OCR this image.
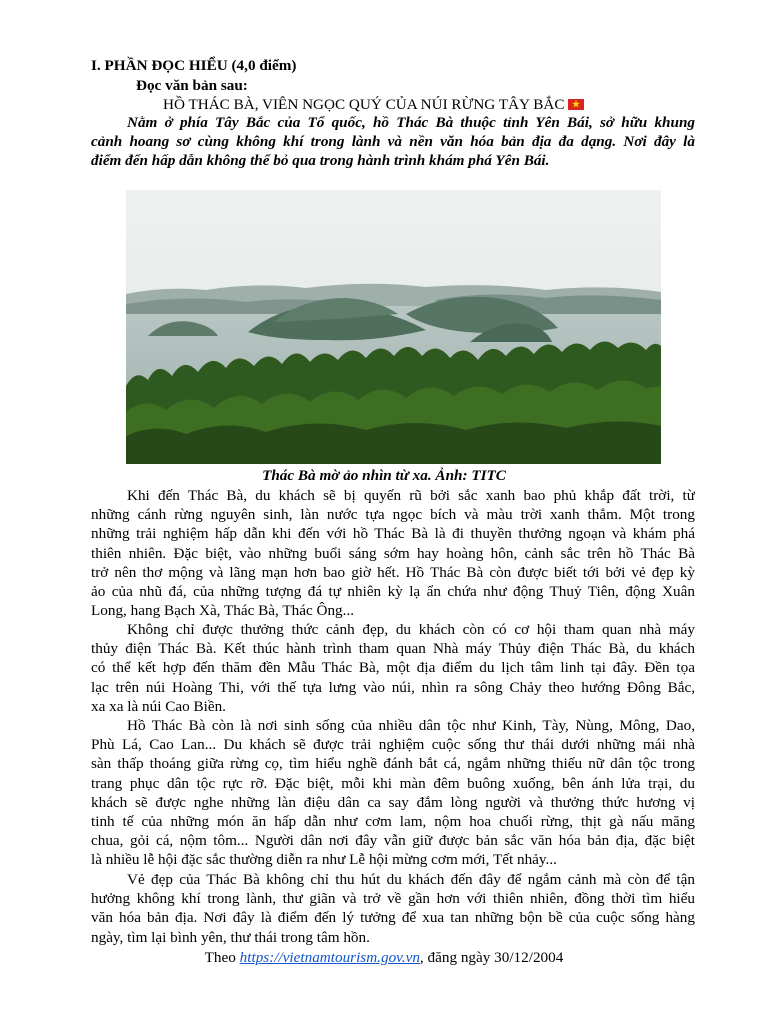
I. PHẦN ĐỌC HIỂU (4,0 điểm)
Đọc văn bản sau:
HỒ THÁC BÀ, VIÊN NGỌC QUÝ CỦA NÚI RỪNG TÂY BẮC
Nằm ở phía Tây Bắc của Tổ quốc, hồ Thác Bà thuộc tỉnh Yên Bái, sở hữu khung
cảnh hoang sơ cùng không khí trong lành và nền văn hóa bản địa đa dạng. Nơi đây là
điểm đến hấp dẫn không thể bỏ qua trong hành trình khám phá Yên Bái.
Thác Bà mờ ảo nhìn từ xa. Ảnh: TITC
Khi đến Thác Bà, du khách sẽ bị quyến rũ bởi sắc xanh bao phủ khắp đất trời, từ
những cánh rừng nguyên sinh, làn nước tựa ngọc bích và màu trời xanh thẳm. Một trong
những trải nghiệm hấp dẫn khi đến với hồ Thác Bà là đi thuyền thưởng ngoạn và khám phá
thiên nhiên. Đặc biệt, vào những buổi sáng sớm hay hoàng hôn, cảnh sắc trên hồ Thác Bà
trở nên thơ mộng và lãng mạn hơn bao giờ hết. Hồ Thác Bà còn được biết tới bởi vẻ đẹp kỳ
ảo của nhũ đá, của những tượng đá tự nhiên kỳ lạ ẩn chứa như động Thuỷ Tiên, động Xuân
Long, hang Bạch Xà, Thác Bà, Thác Ông...
Không chỉ được thưởng thức cảnh đẹp, du khách còn có cơ hội tham quan nhà máy
thủy điện Thác Bà. Kết thúc hành trình tham quan Nhà máy Thủy điện Thác Bà, du khách
có thể kết hợp đến thăm đền Mẫu Thác Bà, một địa điểm du lịch tâm linh tại đây. Đền tọa
lạc trên núi Hoàng Thi, với thế tựa lưng vào núi, nhìn ra sông Chảy theo hướng Đông Bắc,
xa xa là núi Cao Biền.
Hồ Thác Bà còn là nơi sinh sống của nhiều dân tộc như Kinh, Tày, Nùng, Mông, Dao,
Phù Lá, Cao Lan... Du khách sẽ được trải nghiệm cuộc sống thư thái dưới những mái nhà
sàn thấp thoáng giữa rừng cọ, tìm hiểu nghề đánh bắt cá, ngắm những thiếu nữ dân tộc trong
trang phục dân tộc rực rỡ. Đặc biệt, mỗi khi màn đêm buông xuống, bên ánh lửa trại, du
khách sẽ được nghe những làn điệu dân ca say đắm lòng người và thưởng thức hương vị
tinh tế của những món ăn hấp dẫn như cơm lam, nộm hoa chuối rừng, thịt gà nấu măng
chua, gỏi cá, nộm tôm... Người dân nơi đây vẫn giữ được bản sắc văn hóa bản địa, đặc biệt
là nhiều lễ hội đặc sắc thường diễn ra như Lễ hội mừng cơm mới, Tết nhảy...
Vẻ đẹp của Thác Bà không chỉ thu hút du khách đến đây để ngắm cảnh mà còn để tận
hưởng không khí trong lành, thư giãn và trở về gần hơn với thiên nhiên, đồng thời tìm hiểu
văn hóa bản địa. Nơi đây là điểm đến lý tưởng để xua tan những bộn bề của cuộc sống hàng
ngày, tìm lại bình yên, thư thái trong tâm hồn.
Theo https://vietnamtourism.gov.vn, đăng ngày 30/12/2004
